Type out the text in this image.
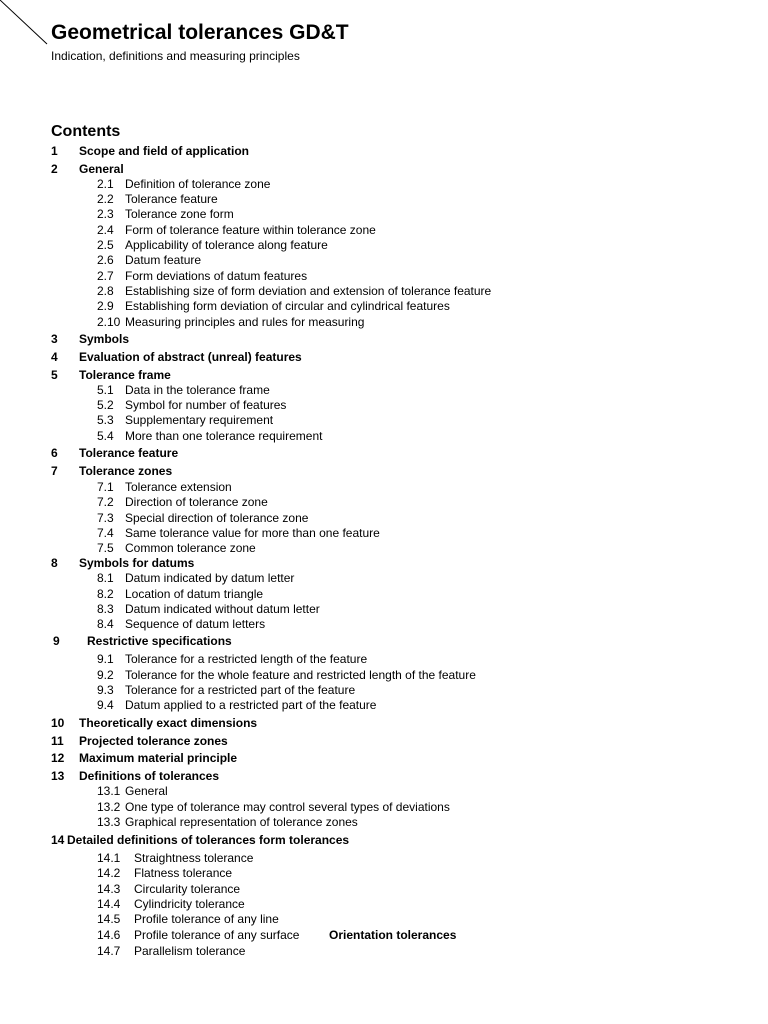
Geometrical tolerances GD&T
Indication, definitions and measuring principles
Contents
1 Scope and field of application
2 General
2.1 Definition of tolerance zone
2.2 Tolerance feature
2.3 Tolerance zone form
2.4 Form of tolerance feature within tolerance zone
2.5 Applicability of tolerance along feature
2.6 Datum feature
2.7 Form deviations of datum features
2.8 Establishing size of form deviation and extension of tolerance feature
2.9 Establishing form deviation of circular and cylindrical features
2.10 Measuring principles and rules for measuring
3 Symbols
4 Evaluation of abstract (unreal) features
5 Tolerance frame
5.1 Data in the tolerance frame
5.2 Symbol for number of features
5.3 Supplementary requirement
5.4 More than one tolerance requirement
6 Tolerance feature
7 Tolerance zones
7.1 Tolerance extension
7.2 Direction of tolerance zone
7.3 Special direction of tolerance zone
7.4 Same tolerance value for more than one feature
7.5 Common tolerance zone
8 Symbols for datums
8.1 Datum indicated by datum letter
8.2 Location of datum triangle
8.3 Datum indicated without datum letter
8.4 Sequence of datum letters
9 Restrictive specifications
9.1 Tolerance for a restricted length of the feature
9.2 Tolerance for the whole feature and restricted length of the feature
9.3 Tolerance for a restricted part of the feature
9.4 Datum applied to a restricted part of the feature
10 Theoretically exact dimensions
11 Projected tolerance zones
12 Maximum material principle
13 Definitions of tolerances
13.1 General
13.2 One type of tolerance may control several types of deviations
13.3 Graphical representation of tolerance zones
14 Detailed definitions of tolerances form tolerances
14.1 Straightness tolerance
14.2 Flatness tolerance
14.3 Circularity tolerance
14.4 Cylindricity tolerance
14.5 Profile tolerance of any line
14.6 Profile tolerance of any surface
14.7 Parallelism tolerance
Orientation tolerances
